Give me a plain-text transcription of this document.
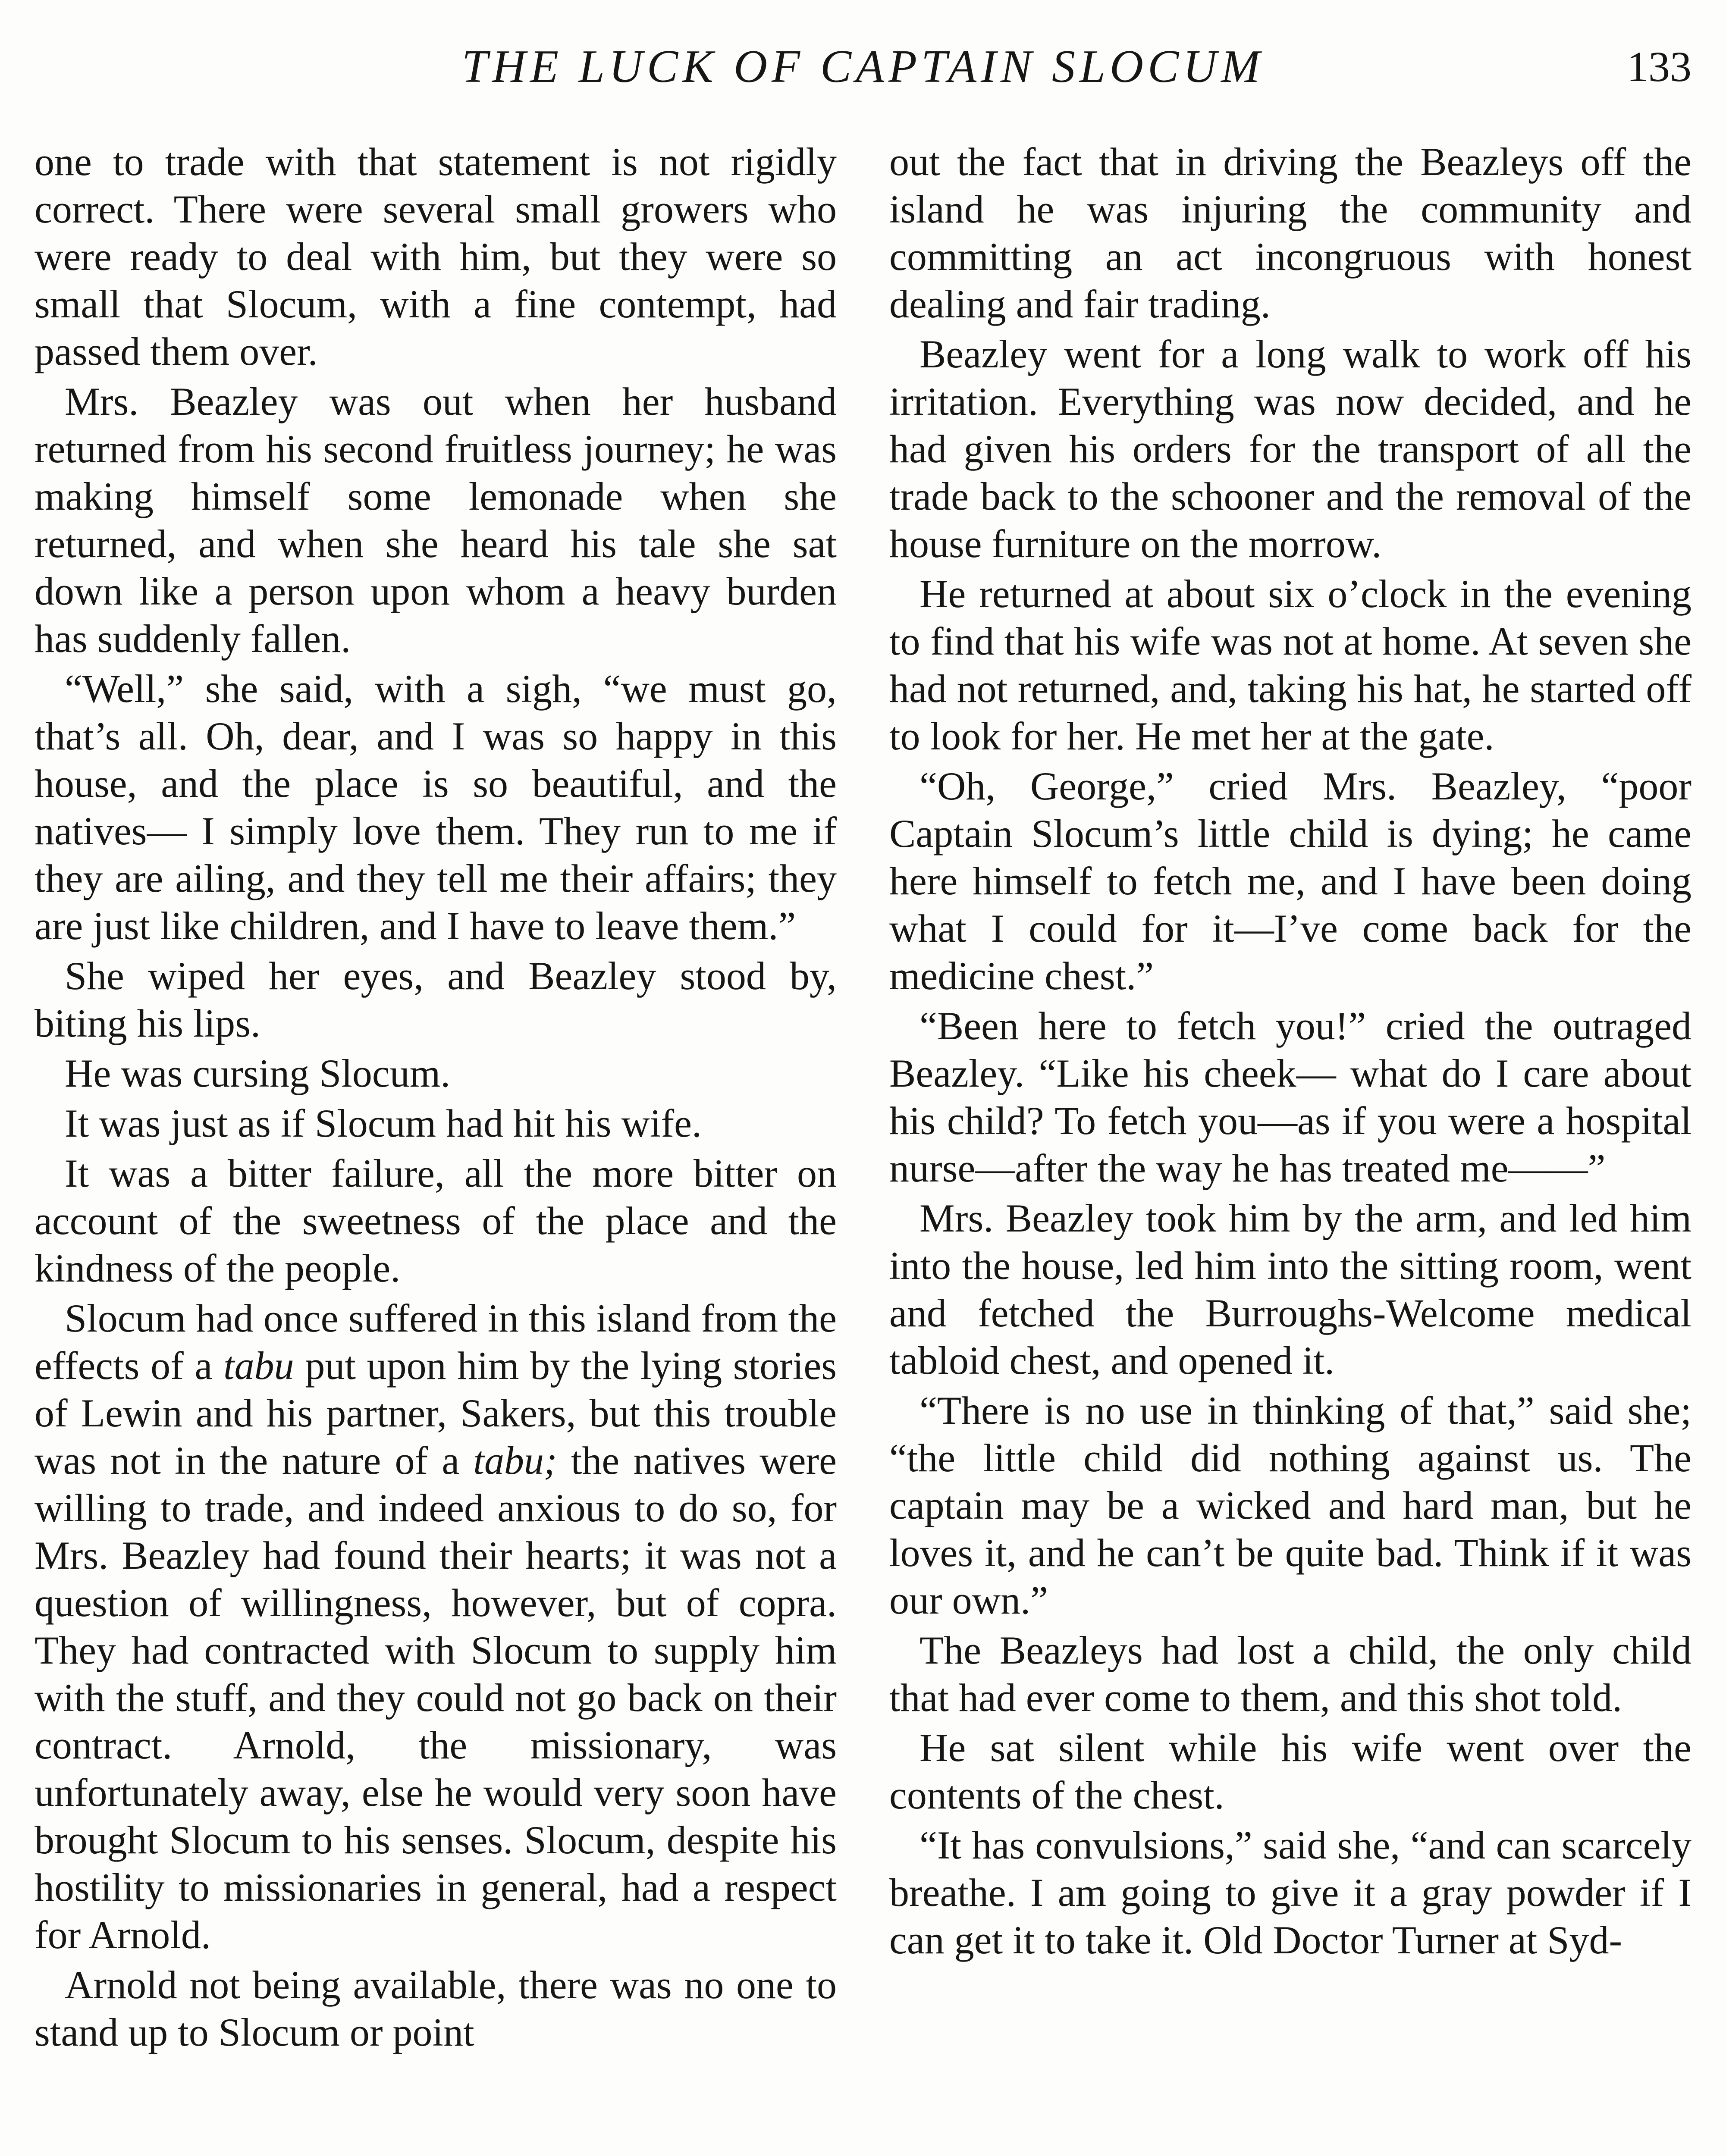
THE LUCK OF CAPTAIN SLOCUM	133

one to trade with that statement is not rigidly correct. There were several small growers who were ready to deal with him, but they were so small that Slocum, with a fine contempt, had passed them over.

Mrs. Beazley was out when her husband returned from his second fruitless journey; he was making himself some lemonade when she returned, and when she heard his tale she sat down like a person upon whom a heavy burden has suddenly fallen.

“Well,” she said, with a sigh, “we must go, that’s all. Oh, dear, and I was so happy in this house, and the place is so beautiful, and the natives— I simply love them. They run to me if they are ailing, and they tell me their affairs; they are just like children, and I have to leave them.”

She wiped her eyes, and Beazley stood by, biting his lips.

He was cursing Slocum.

It was just as if Slocum had hit his wife.

It was a bitter failure, all the more bitter on account of the sweetness of the place and the kindness of the people.

Slocum had once suffered in this island from the effects of a tabu put upon him by the lying stories of Lewin and his partner, Sakers, but this trouble was not in the nature of a tabu; the natives were willing to trade, and indeed anxious to do so, for Mrs. Beazley had found their hearts; it was not a question of willingness, however, but of copra. They had contracted with Slocum to supply him with the stuff, and they could not go back on their contract. Arnold, the missionary, was unfortunately away, else he would very soon have brought Slocum to his senses. Slocum, despite his hostility to missionaries in general, had a respect for Arnold.

Arnold not being available, there was no one to stand up to Slocum or point

out the fact that in driving the Beazleys off the island he was injuring the community and committing an act incongruous with honest dealing and fair trading.

Beazley went for a long walk to work off his irritation. Everything was now decided, and he had given his orders for the transport of all the trade back to the schooner and the removal of the house furniture on the morrow.

He returned at about six o’clock in the evening to find that his wife was not at home. At seven she had not returned, and, taking his hat, he started off to look for her. He met her at the gate.

“Oh, George,” cried Mrs. Beazley, “poor Captain Slocum’s little child is dying; he came here himself to fetch me, and I have been doing what I could for it—I’ve come back for the medicine chest.”

“Been here to fetch you!” cried the outraged Beazley. “Like his cheek— what do I care about his child? To fetch you—as if you were a hospital nurse—after the way he has treated me——”

Mrs. Beazley took him by the arm, and led him into the house, led him into the sitting room, went and fetched the Burroughs-Welcome medical tabloid chest, and opened it.

“There is no use in thinking of that,” said she; “the little child did nothing against us. The captain may be a wicked and hard man, but he loves it, and he can’t be quite bad. Think if it was our own.”

The Beazleys had lost a child, the only child that had ever come to them, and this shot told.

He sat silent while his wife went over the contents of the chest.

“It has convulsions,” said she, “and can scarcely breathe. I am going to give it a gray powder if I can get it to take it. Old Doctor Turner at Syd-
